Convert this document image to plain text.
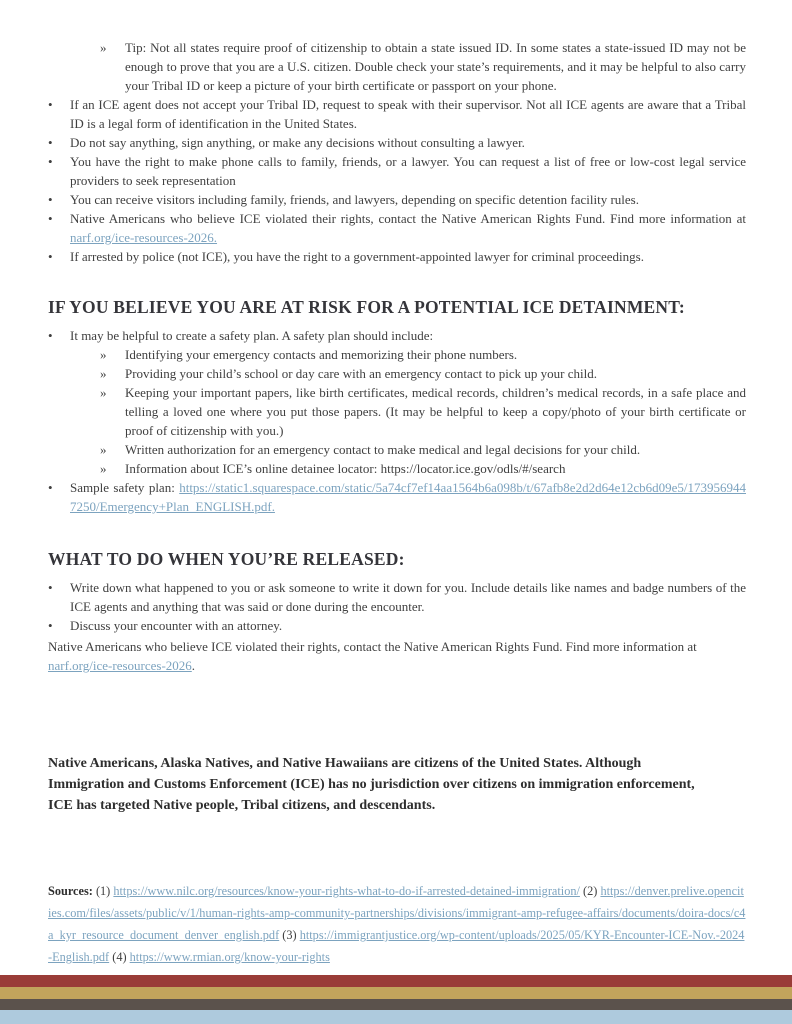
»	Tip: Not all states require proof of citizenship to obtain a state issued ID. In some states a state-issued ID may not be enough to prove that you are a U.S. citizen. Double check your state’s requirements, and it may be helpful to also carry your Tribal ID or keep a picture of your birth certificate or passport on your phone.
•	If an ICE agent does not accept your Tribal ID, request to speak with their supervisor. Not all ICE agents are aware that a Tribal ID is a legal form of identification in the United States.
•	Do not say anything, sign anything, or make any decisions without consulting a lawyer.
•	You have the right to make phone calls to family, friends, or a lawyer. You can request a list of free or low-cost legal service providers to seek representation
•	You can receive visitors including family, friends, and lawyers, depending on specific detention facility rules.
•	Native Americans who believe ICE violated their rights, contact the Native American Rights Fund. Find more information at narf.org/ice-resources-2026.
•	If arrested by police (not ICE), you have the right to a government-appointed lawyer for criminal proceedings.
IF YOU BELIEVE YOU ARE AT RISK FOR A POTENTIAL ICE DETAINMENT:
•	It may be helpful to create a safety plan. A safety plan should include:
»	Identifying your emergency contacts and memorizing their phone numbers.
»	Providing your child’s school or day care with an emergency contact to pick up your child.
»	Keeping your important papers, like birth certificates, medical records, children’s medical records, in a safe place and telling a loved one where you put those papers. (It may be helpful to keep a copy/photo of your birth certificate or proof of citizenship with you.)
»	Written authorization for an emergency contact to make medical and legal decisions for your child.
»	Information about ICE’s online detainee locator: https://locator.ice.gov/odls/#/search
•	Sample safety plan: https://static1.squarespace.com/static/5a74cf7ef14aa1564b6a098b/t/67afb8e2d2d64e12cb6d09e5/1739569447250/Emergency+Plan_ENGLISH.pdf.
WHAT TO DO WHEN YOU’RE RELEASED:
•	Write down what happened to you or ask someone to write it down for you. Include details like names and badge numbers of the ICE agents and anything that was said or done during the encounter.
•	Discuss your encounter with an attorney.

Native Americans who believe ICE violated their rights, contact the Native American Rights Fund. Find more information at narf.org/ice-resources-2026.

Native Americans, Alaska Natives, and Native Hawaiians are citizens of the United States. Although Immigration and Customs Enforcement (ICE) has no jurisdiction over citizens on immigration enforcement, ICE has targeted Native people, Tribal citizens, and descendants.

Sources: (1) https://www.nilc.org/resources/know-your-rights-what-to-do-if-arrested-detained-immigration/ (2) https://denver.prelive.opencities.com/files/assets/public/v/1/human-rights-amp-community-partnerships/divisions/immigrant-amp-refugee-affairs/documents/doira-docs/c4a_kyr_resource_document_denver_english.pdf (3) https://immigrantjustice.org/wp-content/uploads/2025/05/KYR-Encounter-ICE-Nov.-2024-English.pdf (4) https://www.rmian.org/know-your-rights
